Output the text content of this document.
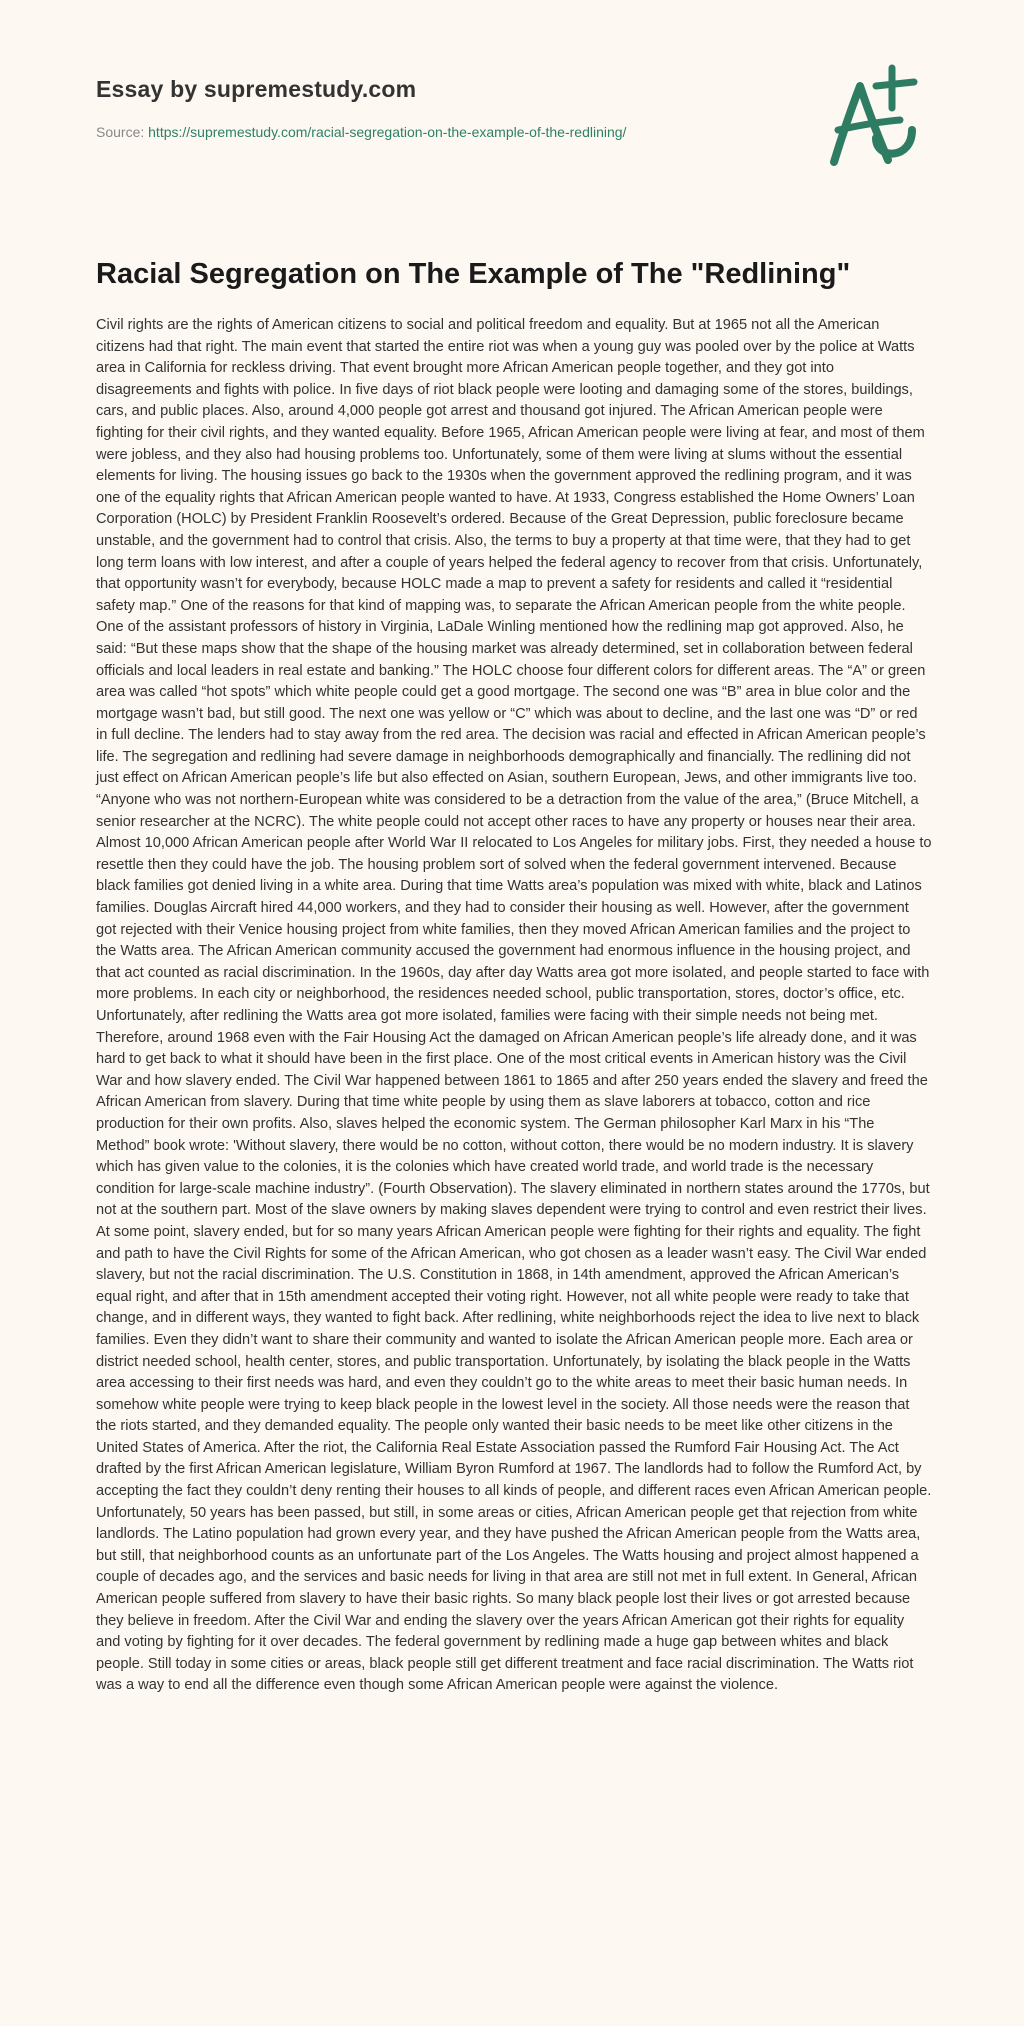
Essay by supremestudy.com
Source: https://supremestudy.com/racial-segregation-on-the-example-of-the-redlining/
Racial Segregation on The Example of The "Redlining"

Civil rights are the rights of American citizens to social and political freedom and equality. But at 1965 not all the American citizens had that right. The main event that started the entire riot was when a young guy was pooled over by the police at Watts area in California for reckless driving. That event brought more African American people together, and they got into disagreements and fights with police. In five days of riot black people were looting and damaging some of the stores, buildings, cars, and public places. Also, around 4,000 people got arrest and thousand got injured. The African American people were fighting for their civil rights, and they wanted equality. Before 1965, African American people were living at fear, and most of them were jobless, and they also had housing problems too. Unfortunately, some of them were living at slums without the essential elements for living. The housing issues go back to the 1930s when the government approved the redlining program, and it was one of the equality rights that African American people wanted to have. At 1933, Congress established the Home Owners’ Loan Corporation (HOLC) by President Franklin Roosevelt’s ordered. Because of the Great Depression, public foreclosure became unstable, and the government had to control that crisis. Also, the terms to buy a property at that time were, that they had to get long term loans with low interest, and after a couple of years helped the federal agency to recover from that crisis. Unfortunately, that opportunity wasn’t for everybody, because HOLC made a map to prevent a safety for residents and called it “residential safety map.” One of the reasons for that kind of mapping was, to separate the African American people from the white people. One of the assistant professors of history in Virginia, LaDale Winling mentioned how the redlining map got approved. Also, he said: “But these maps show that the shape of the housing market was already determined, set in collaboration between federal officials and local leaders in real estate and banking.” The HOLC choose four different colors for different areas. The “A” or green area was called “hot spots” which white people could get a good mortgage. The second one was “B” area in blue color and the mortgage wasn’t bad, but still good. The next one was yellow or “C” which was about to decline, and the last one was “D” or red in full decline. The lenders had to stay away from the red area. The decision was racial and effected in African American people’s life. The segregation and redlining had severe damage in neighborhoods demographically and financially. The redlining did not just effect on African American people’s life but also effected on Asian, southern European, Jews, and other immigrants live too. “Anyone who was not northern-European white was considered to be a detraction from the value of the area,” (Bruce Mitchell, a senior researcher at the NCRC). The white people could not accept other races to have any property or houses near their area. Almost 10,000 African American people after World War II relocated to Los Angeles for military jobs. First, they needed a house to resettle then they could have the job. The housing problem sort of solved when the federal government intervened. Because black families got denied living in a white area. During that time Watts area’s population was mixed with white, black and Latinos families. Douglas Aircraft hired 44,000 workers, and they had to consider their housing as well. However, after the government got rejected with their Venice housing project from white families, then they moved African American families and the project to the Watts area. The African American community accused the government had enormous influence in the housing project, and that act counted as racial discrimination. In the 1960s, day after day Watts area got more isolated, and people started to face with more problems. In each city or neighborhood, the residences needed school, public transportation, stores, doctor’s office, etc. Unfortunately, after redlining the Watts area got more isolated, families were facing with their simple needs not being met. Therefore, around 1968 even with the Fair Housing Act the damaged on African American people’s life already done, and it was hard to get back to what it should have been in the first place. One of the most critical events in American history was the Civil War and how slavery ended. The Civil War happened between 1861 to 1865 and after 250 years ended the slavery and freed the African American from slavery. During that time white people by using them as slave laborers at tobacco, cotton and rice production for their own profits. Also, slaves helped the economic system. The German philosopher Karl Marx in his “The Method” book wrote: 'Without slavery, there would be no cotton, without cotton, there would be no modern industry. It is slavery which has given value to the colonies, it is the colonies which have created world trade, and world trade is the necessary condition for large-scale machine industry”. (Fourth Observation). The slavery eliminated in northern states around the 1770s, but not at the southern part. Most of the slave owners by making slaves dependent were trying to control and even restrict their lives. At some point, slavery ended, but for so many years African American people were fighting for their rights and equality. The fight and path to have the Civil Rights for some of the African American, who got chosen as a leader wasn’t easy. The Civil War ended slavery, but not the racial discrimination. The U.S. Constitution in 1868, in 14th amendment, approved the African American’s equal right, and after that in 15th amendment accepted their voting right. However, not all white people were ready to take that change, and in different ways, they wanted to fight back. After redlining, white neighborhoods reject the idea to live next to black families. Even they didn’t want to share their community and wanted to isolate the African American people more. Each area or district needed school, health center, stores, and public transportation. Unfortunately, by isolating the black people in the Watts area accessing to their first needs was hard, and even they couldn’t go to the white areas to meet their basic human needs. In somehow white people were trying to keep black people in the lowest level in the society. All those needs were the reason that the riots started, and they demanded equality. The people only wanted their basic needs to be meet like other citizens in the United States of America. After the riot, the California Real Estate Association passed the Rumford Fair Housing Act. The Act drafted by the first African American legislature, William Byron Rumford at 1967. The landlords had to follow the Rumford Act, by accepting the fact they couldn’t deny renting their houses to all kinds of people, and different races even African American people. Unfortunately, 50 years has been passed, but still, in some areas or cities, African American people get that rejection from white landlords. The Latino population had grown every year, and they have pushed the African American people from the Watts area, but still, that neighborhood counts as an unfortunate part of the Los Angeles. The Watts housing and project almost happened a couple of decades ago, and the services and basic needs for living in that area are still not met in full extent. In General, African American people suffered from slavery to have their basic rights. So many black people lost their lives or got arrested because they believe in freedom. After the Civil War and ending the slavery over the years African American got their rights for equality and voting by fighting for it over decades. The federal government by redlining made a huge gap between whites and black people. Still today in some cities or areas, black people still get different treatment and face racial discrimination. The Watts riot was a way to end all the difference even though some African American people were against the violence.
